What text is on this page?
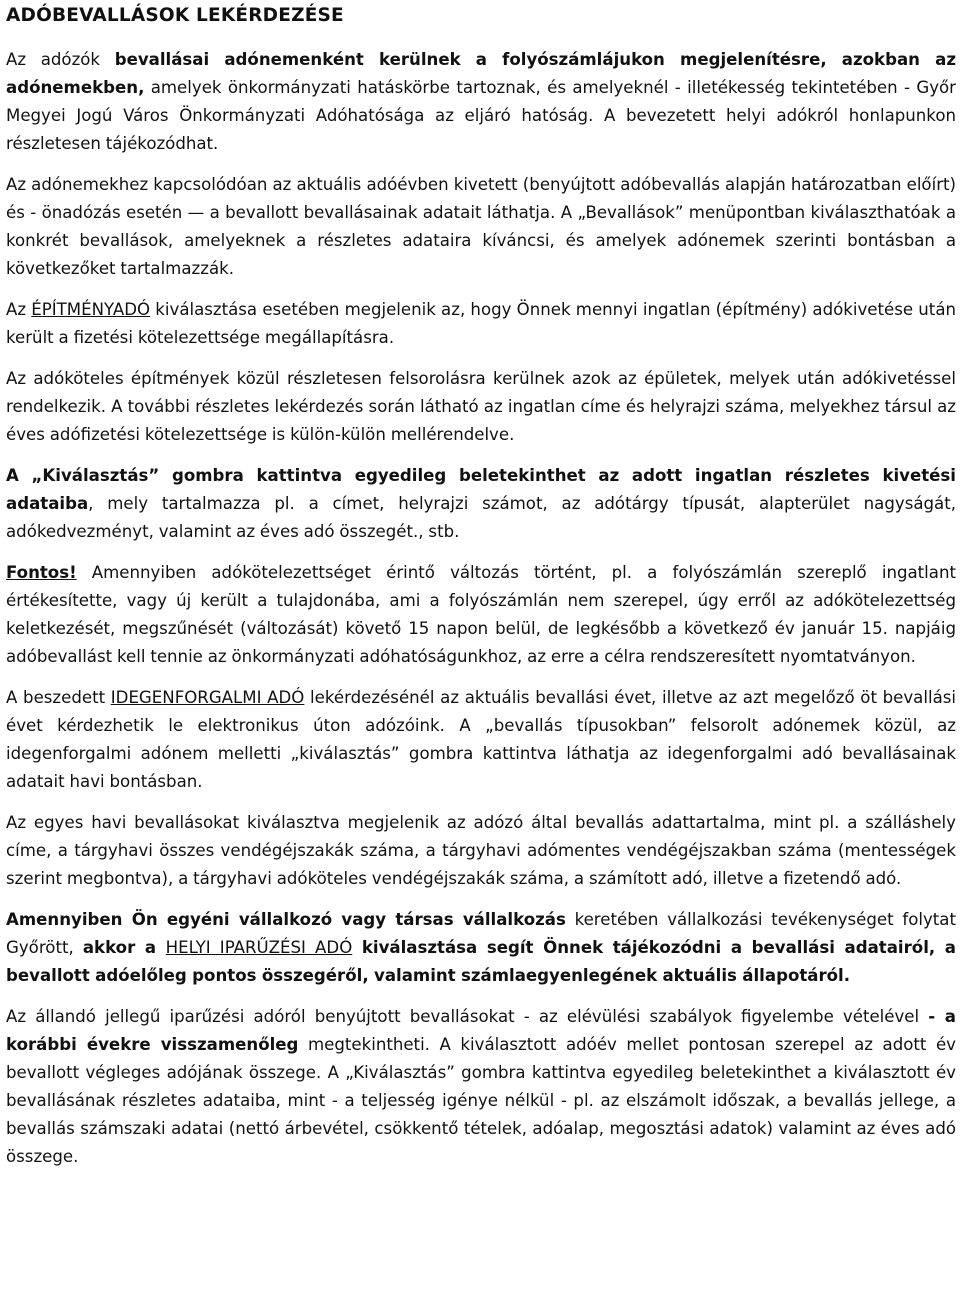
ADÓBEVALLÁSOK LEKÉRDEZÉSE

Az adózók bevallásai adónemenként kerülnek a folyószámlájukon megjelenítésre, azokban az adónemekben, amelyek önkormányzati hatáskörbe tartoznak, és amelyeknél - illetékesség tekintetében - Győr Megyei Jogú Város Önkormányzati Adóhatósága az eljáró hatóság. A bevezetett helyi adókról honlapunkon részletesen tájékozódhat.

Az adónemekhez kapcsolódóan az aktuális adóévben kivetett (benyújtott adóbevallás alapján határozatban előírt) és - önadózás esetén — a bevallott bevallásainak adatait láthatja. A „Bevallások” menüpontban kiválaszthatóak a konkrét bevallások, amelyeknek a részletes adataira kíváncsi, és amelyek adónemek szerinti bontásban a következőket tartalmazzák.

Az ÉPÍTMÉNYADÓ kiválasztása esetében megjelenik az, hogy Önnek mennyi ingatlan (építmény) adókivetése után került a fizetési kötelezettsége megállapításra.

Az adóköteles építmények közül részletesen felsorolásra kerülnek azok az épületek, melyek után adókivetéssel rendelkezik. A további részletes lekérdezés során látható az ingatlan címe és helyrajzi száma, melyekhez társul az éves adófizetési kötelezettsége is külön-külön mellérendelve.

A „Kiválasztás” gombra kattintva egyedileg beletekinthet az adott ingatlan részletes kivetési adataiba, mely tartalmazza pl. a címet, helyrajzi számot, az adótárgy típusát, alapterület nagyságát, adókedvezményt, valamint az éves adó összegét., stb.

Fontos! Amennyiben adókötelezettséget érintő változás történt, pl. a folyószámlán szereplő ingatlant értékesítette, vagy új került a tulajdonába, ami a folyószámlán nem szerepel, úgy erről az adókötelezettség keletkezését, megszűnését (változását) követő 15 napon belül, de legkésőbb a következő év január 15. napjáig adóbevallást kell tennie az önkormányzati adóhatóságunkhoz, az erre a célra rendszeresített nyomtatványon.

A beszedett IDEGENFORGALMI ADÓ lekérdezésénél az aktuális bevallási évet, illetve az azt megelőző öt bevallási évet kérdezhetik le elektronikus úton adózóink. A „bevallás típusokban” felsorolt adónemek közül, az idegenforgalmi adónem melletti „kiválasztás” gombra kattintva láthatja az idegenforgalmi adó bevallásainak adatait havi bontásban.

Az egyes havi bevallásokat kiválasztva megjelenik az adózó által bevallás adattartalma, mint pl. a szálláshely címe, a tárgyhavi összes vendégéjszakák száma, a tárgyhavi adómentes vendégéjszakban száma (mentességek szerint megbontva), a tárgyhavi adóköteles vendégéjszakák száma, a számított adó, illetve a fizetendő adó.

Amennyiben Ön egyéni vállalkozó vagy társas vállalkozás keretében vállalkozási tevékenységet folytat Győrött, akkor a HELYI IPARŰZÉSI ADÓ kiválasztása segít Önnek tájékozódni a bevallási adatairól, a bevallott adóelőleg pontos összegéről, valamint számlaegyenlegének aktuális állapotáról.

Az állandó jellegű iparűzési adóról benyújtott bevallásokat - az elévülési szabályok figyelembe vételével - a korábbi évekre visszamenőleg megtekintheti. A kiválasztott adóév mellet pontosan szerepel az adott év bevallott végleges adójának összege. A „Kiválasztás” gombra kattintva egyedileg beletekinthet a kiválasztott év bevallásának részletes adataiba, mint - a teljesség igénye nélkül - pl. az elszámolt időszak, a bevallás jellege, a bevallás számszaki adatai (nettó árbevétel, csökkentő tételek, adóalap, megosztási adatok) valamint az éves adó összege.
